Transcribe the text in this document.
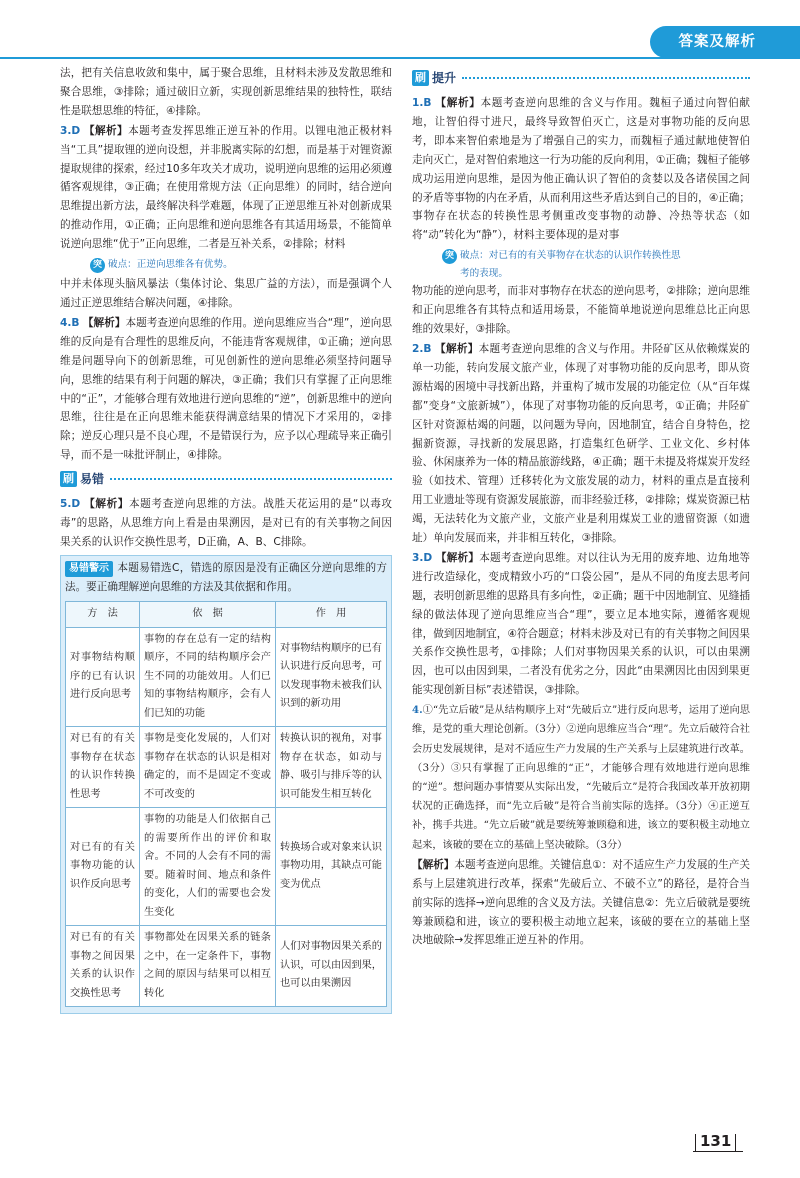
答案及解析

法，把有关信息收敛和集中，属于聚合思维，且材料未涉及发散思维和聚合思维，③排除；通过破旧立新，实现创新思维结果的独特性，联结性是联想思维的特征，④排除。

3.D 【解析】本题考查发挥思维正逆互补的作用。以锂电池正极材料当“工具”提取锂的逆向设想，并非脱离实际的幻想，而是基于对锂资源提取规律的探索，经过10多年攻关才成功，说明逆向思维的运用必须遵循客观规律，③正确；在使用常规方法（正向思维）的同时，结合逆向思维提出新方法，最终解决科学难题，体现了正逆思维互补对创新成果的推动作用，①正确；正向思维和逆向思维各有其适用场景，不能简单说逆向思维“优于”正向思维，二者是互补关系，②排除；材料

突 破点：正逆向思维各有优势。

中并未体现头脑风暴法（集体讨论、集思广益的方法），而是强调个人通过正逆思维结合解决问题，④排除。

4.B 【解析】本题考查逆向思维的作用。逆向思维应当合“理”，逆向思维的反向是有合理性的思维反向，不能违背客观规律，①正确；逆向思维是问题导向下的创新思维，可见创新性的逆向思维必须坚持问题导向，思维的结果有利于问题的解决，③正确；我们只有掌握了正向思维中的“正”，才能够合理有效地进行逆向思维的“逆”，创新思维中的逆向思维，往往是在正向思维未能获得满意结果的情况下才采用的，②排除；逆反心理只是不良心理，不是错误行为，应予以心理疏导来正确引导，而不是一味批评制止，④排除。

刷 易错

5.D 【解析】本题考查逆向思维的方法。战胜天花运用的是“以毒攻毒”的思路，从思维方向上看是由果溯因，是对已有的有关事物之间因果关系的认识作交换性思考，D正确，A、B、C排除。

易错警示 本题易错选C，错选的原因是没有正确区分逆向思维的方法。要正确理解逆向思维的方法及其依据和作用。

方　法	依　据	作　用
对事物结构顺序的已有认识进行反向思考	事物的存在总有一定的结构顺序，不同的结构顺序会产生不同的功能效用。人们已知的事物结构顺序，会有人们已知的功能	对事物结构顺序的已有认识进行反向思考，可以发现事物未被我们认识到的新功用
对已有的有关事物存在状态的认识作转换性思考	事物是变化发展的，人们对事物存在状态的认识是相对确定的，而不是固定不变或不可改变的	转换认识的视角，对事物存在状态，如动与静、吸引与排斥等的认识可能发生相互转化
对已有的有关事物功能的认识作反向思考	事物的功能是人们依据自己的需要所作出的评价和取舍。不同的人会有不同的需要。随着时间、地点和条件的变化，人们的需要也会发生变化	转换场合或对象来认识事物功用，其缺点可能变为优点
对已有的有关事物之间因果关系的认识作交换性思考	事物都处在因果关系的链条之中，在一定条件下，事物之间的原因与结果可以相互转化	人们对事物因果关系的认识，可以由因到果，也可以由果溯因
刷 提升

1.B 【解析】本题考查逆向思维的含义与作用。魏桓子通过向智伯献地，让智伯得寸进尺，最终导致智伯灭亡，这是对事物功能的反向思考，即本来智伯索地是为了增强自己的实力，而魏桓子通过献地使智伯走向灭亡，是对智伯索地这一行为功能的反向利用，①正确；魏桓子能够成功运用逆向思维，是因为他正确认识了智伯的贪婪以及各诸侯国之间的矛盾等事物的内在矛盾，从而利用这些矛盾达到自己的目的，④正确；事物存在状态的转换性思考侧重改变事物的动静、冷热等状态（如将“动”转化为“静”），材料主要体现的是对事

突 破点：对已有的有关事物存在状态的认识作转换性思
考的表现。

物功能的逆向思考，而非对事物存在状态的逆向思考，②排除；逆向思维和正向思维各有其特点和适用场景，不能简单地说逆向思维总比正向思维的效果好，③排除。

2.B 【解析】本题考查逆向思维的含义与作用。井陉矿区从依赖煤炭的单一功能，转向发展文旅产业，体现了对事物功能的反向思考，即从资源枯竭的困境中寻找新出路，并重构了城市发展的功能定位（从“百年煤都”变身“文旅新城”），体现了对事物功能的反向思考，①正确；井陉矿区针对资源枯竭的问题，以问题为导向，因地制宜，结合自身特色，挖掘新资源，寻找新的发展思路，打造集红色研学、工业文化、乡村体验、休闲康养为一体的精品旅游线路，④正确；题干未提及将煤炭开发经验（如技术、管理）迁移转化为文旅发展的动力，材料的重点是直接利用工业遗址等现有资源发展旅游，而非经验迁移，②排除；煤炭资源已枯竭，无法转化为文旅产业，文旅产业是利用煤炭工业的遗留资源（如遗址）单向发展而来，并非相互转化，③排除。

3.D 【解析】本题考查逆向思维。对以往认为无用的废弃地、边角地等进行改造绿化，变成精致小巧的“口袋公园”，是从不同的角度去思考问题，表明创新思维的思路具有多向性，②正确；题干中因地制宜、见缝插绿的做法体现了逆向思维应当合“理”，要立足本地实际，遵循客观规律，做到因地制宜，④符合题意；材料未涉及对已有的有关事物之间因果关系作交换性思考，①排除；人们对事物因果关系的认识，可以由果溯因，也可以由因到果，二者没有优劣之分，因此“由果溯因比由因到果更能实现创新目标”表述错误，③排除。

4.①“先立后破”是从结构顺序上对“先破后立”进行反向思考，运用了逆向思维，是党的重大理论创新。（3分）②逆向思维应当合“理”。先立后破符合社会历史发展规律，是对不适应生产力发展的生产关系与上层建筑进行改革。（3分）③只有掌握了正向思维的“正”，才能够合理有效地进行逆向思维的“逆”。想问题办事情要从实际出发，“先破后立”是符合我国改革开放初期状况的正确选择，而“先立后破”是符合当前实际的选择。（3分）④正逆互补，携手共进。“先立后破”就是要统筹兼顾稳和进，该立的要积极主动地立起来，该破的要在立的基础上坚决破除。（3分）

【解析】本题考查逆向思维。关键信息①：对不适应生产力发展的生产关系与上层建筑进行改革，探索“先破后立、不破不立”的路径，是符合当前实际的选择→逆向思维的含义及方法。关键信息②：先立后破就是要统筹兼顾稳和进，该立的要积极主动地立起来，该破的要在立的基础上坚决地破除→发挥思维正逆互补的作用。

131
